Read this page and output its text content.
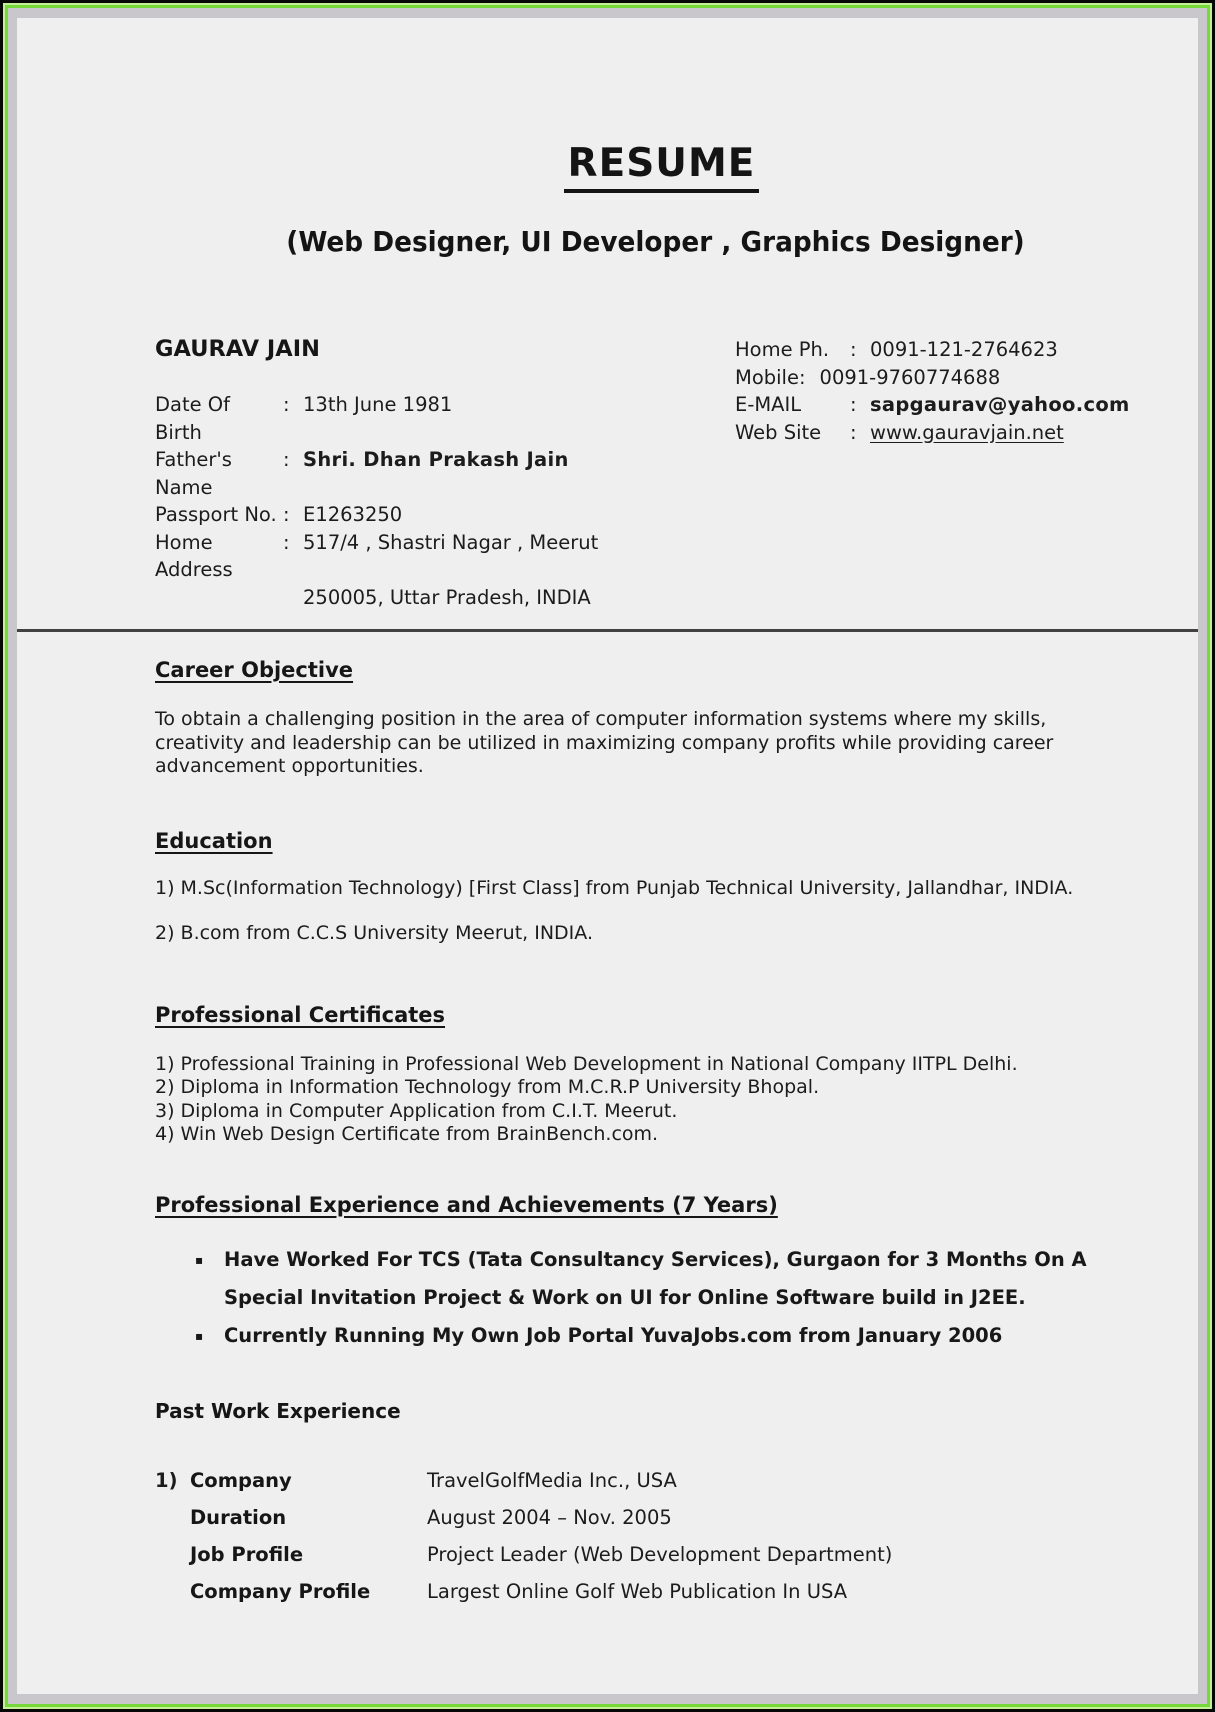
RESUME
(Web Designer, UI Developer , Graphics Designer)
GAURAV JAIN
Date Of Birth
: 13th June 1981
Father's Name
: Shri. Dhan Prakash Jain
Passport No. : E1263250
Home Address
: 517/4 , Shastri Nagar , Meerut
250005, Uttar Pradesh, INDIA
Home Ph.	: 0091-121-2764623
Mobile: 0091-9760774688
E-MAIL	: sapgaurav@yahoo.com
Web Site	: www.gauravjain.net
Career Objective

To obtain a challenging position in the area of computer information systems where my skills, creativity and leadership can be utilized in maximizing company profits while providing career advancement opportunities.

Education
1) M.Sc(Information Technology) [First Class] from Punjab Technical University, Jallandhar, INDIA.
2) B.com from C.C.S University Meerut, INDIA.
Professional Certificates
1) Professional Training in Professional Web Development in National Company IITPL Delhi.
2) Diploma in Information Technology from M.C.R.P University Bhopal.
3) Diploma in Computer Application from C.I.T. Meerut.
4) Win Web Design Certificate from BrainBench.com.
Professional Experience and Achievements (7 Years)
▪	Have Worked For TCS (Tata Consultancy Services), Gurgaon for 3 Months On A Special Invitation Project & Work on UI for Online Software build in J2EE.
▪	Currently Running My Own Job Portal YuvaJobs.com from January 2006
Past Work Experience
1) Company	TravelGolfMedia Inc., USA
Duration	August 2004 – Nov. 2005
Job Profile	Project Leader (Web Development Department)
Company Profile	Largest Online Golf Web Publication In USA
